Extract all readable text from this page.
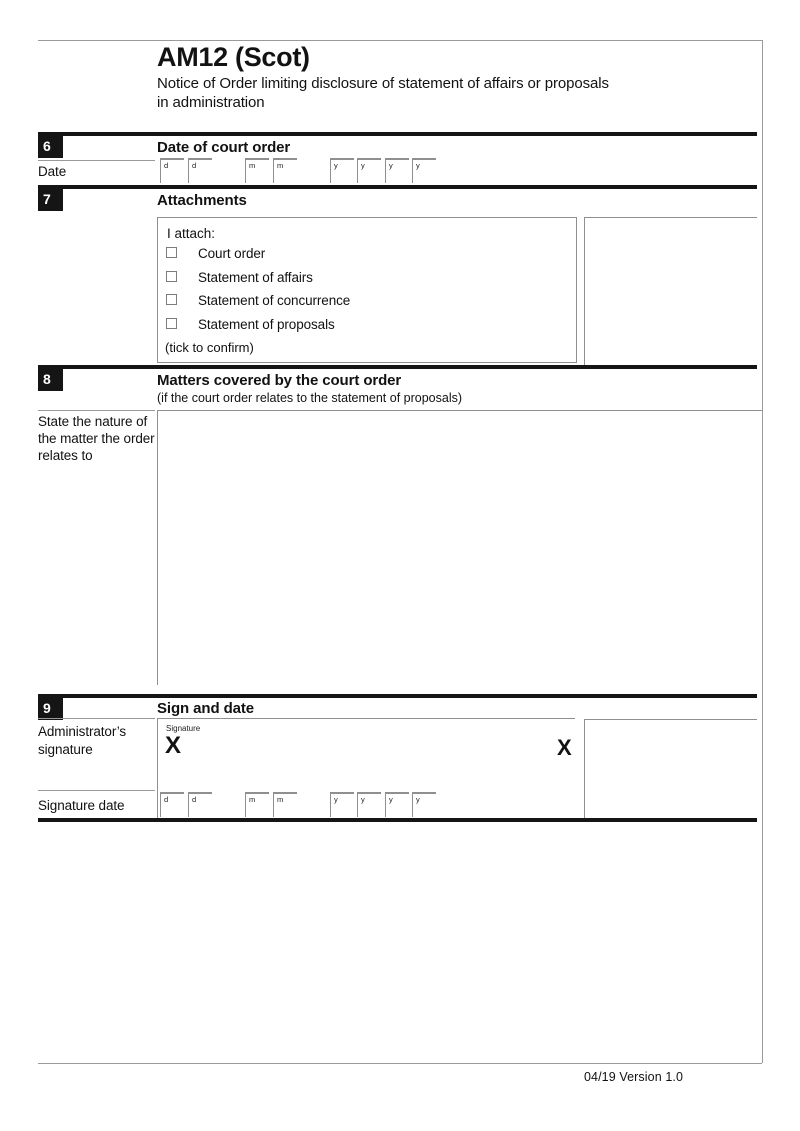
AM12 (Scot)
Notice of Order limiting disclosure of statement of affairs or proposals
in administration
6	Date of court order
Date	d	d	m	m	y	y	y	y
7	Attachments
I attach:
Court order
Statement of affairs
Statement of concurrence
Statement of proposals
(tick to confirm)
8	Matters covered by the court order
(if the court order relates to the statement of proposals)
State the nature of
the matter the order
relates to
9	Sign and date
Administrator’s
signature
Signature
X	X
Signature date	d	d	m	m	y	y	y	y
04/19 Version 1.0
